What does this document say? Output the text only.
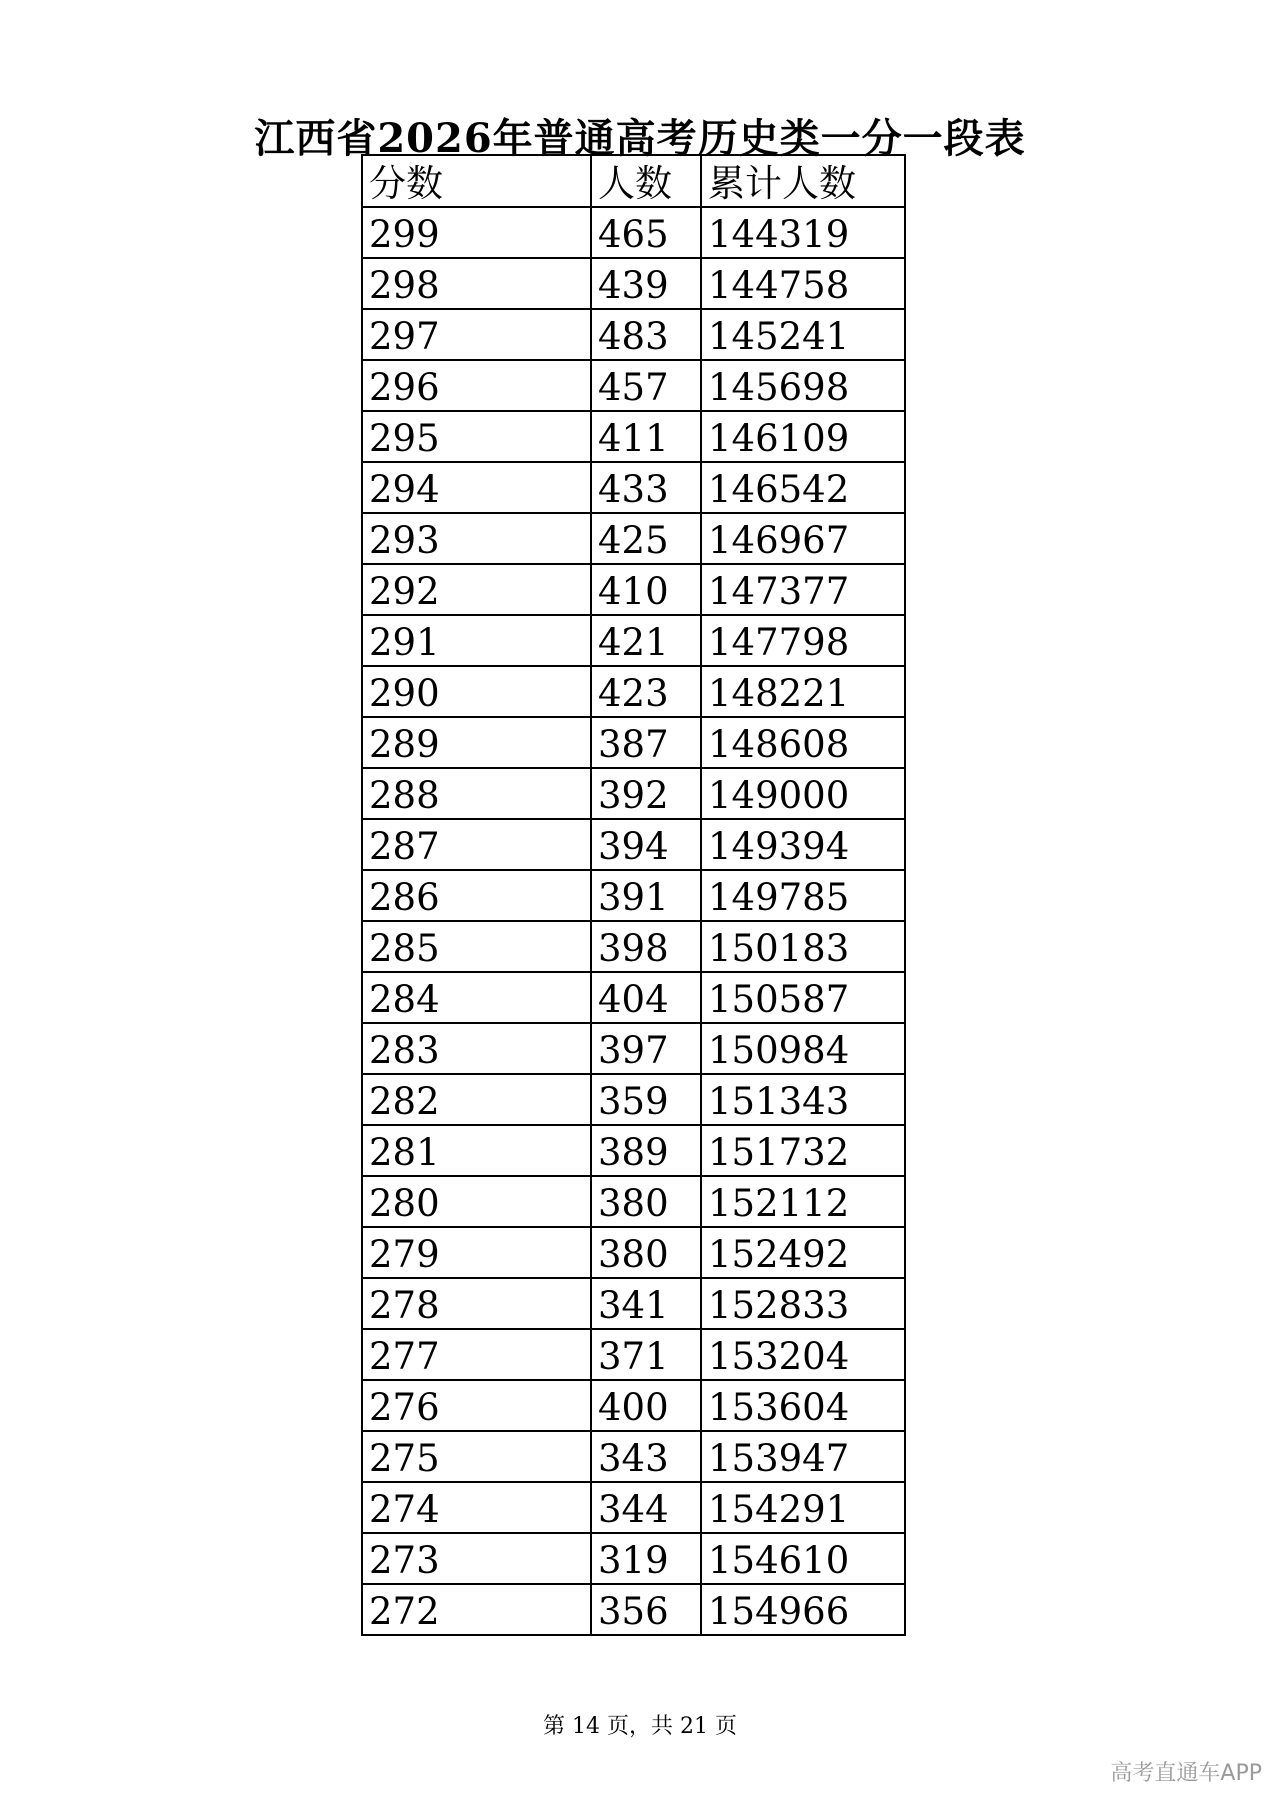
江西省2026年普通高考历史类一分一段表
分数	人数	累计人数
299	465	144319
298	439	144758
297	483	145241
296	457	145698
295	411	146109
294	433	146542
293	425	146967
292	410	147377
291	421	147798
290	423	148221
289	387	148608
288	392	149000
287	394	149394
286	391	149785
285	398	150183
284	404	150587
283	397	150984
282	359	151343
281	389	151732
280	380	152112
279	380	152492
278	341	152833
277	371	153204
276	400	153604
275	343	153947
274	344	154291
273	319	154610
272	356	154966
第 14 页，共 21 页
高考直通车APP
